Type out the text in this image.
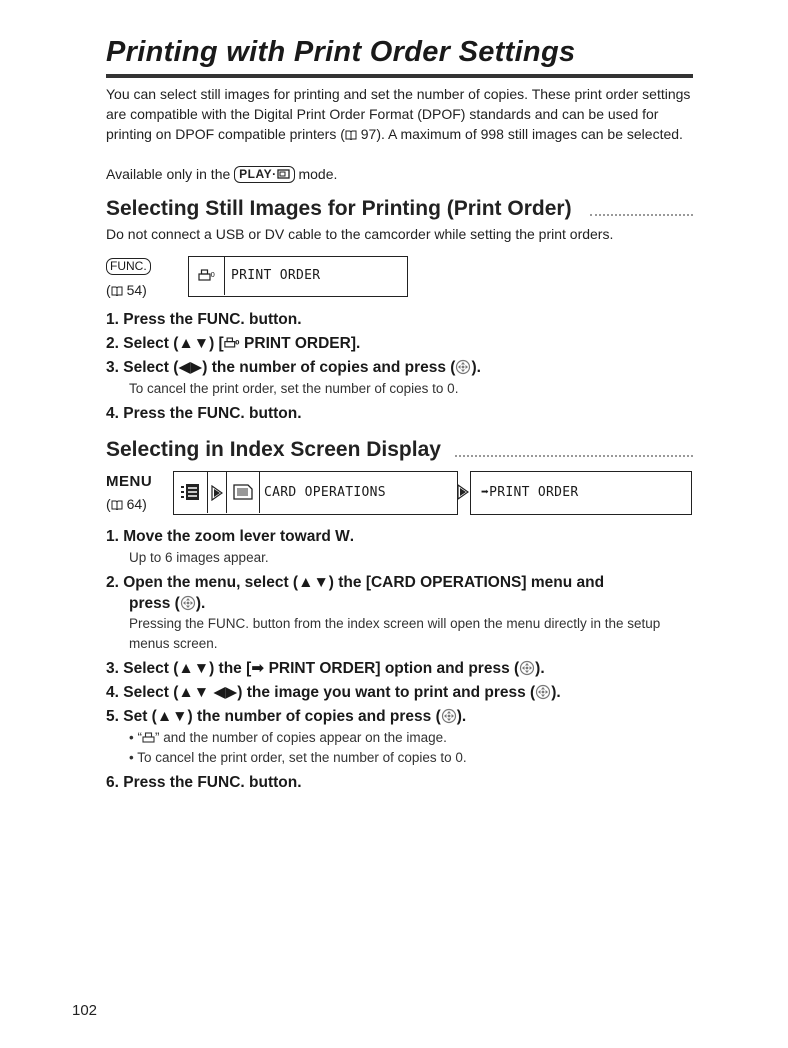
Printing with Print Order Settings
You can select still images for printing and set the number of copies. These print order settings are compatible with the Digital Print Order Format (DPOF) standards and can be used for printing on DPOF compatible printers ( 97). A maximum of 998 still images can be selected.
Available only in the PLAY· mode.
Selecting Still Images for Printing (Print Order)
Do not connect a USB or DV cable to the camcorder while setting the print orders.
FUNC.
( 54)
0 PRINT ORDER
1. Press the FUNC. button.
2. Select (▲▼) [ 0 PRINT ORDER].
3. Select (◀▶) the number of copies and press ( ).
To cancel the print order, set the number of copies to 0.
4. Press the FUNC. button.
Selecting in Index Screen Display
MENU
( 64)
CARD OPERATIONS	➡PRINT ORDER
1. Move the zoom lever toward W.
Up to 6 images appear.
2. Open the menu, select (▲▼) the [CARD OPERATIONS] menu and
press ( ).
Pressing the FUNC. button from the index screen will open the menu directly in the setup menus screen.
3. Select (▲▼) the [➡ PRINT ORDER] option and press ( ).
4. Select (▲▼ ◀▶) the image you want to print and press ( ).
5. Set (▲▼) the number of copies and press ( ).
• “ ” and the number of copies appear on the image.
• To cancel the print order, set the number of copies to 0.
6. Press the FUNC. button.
102
